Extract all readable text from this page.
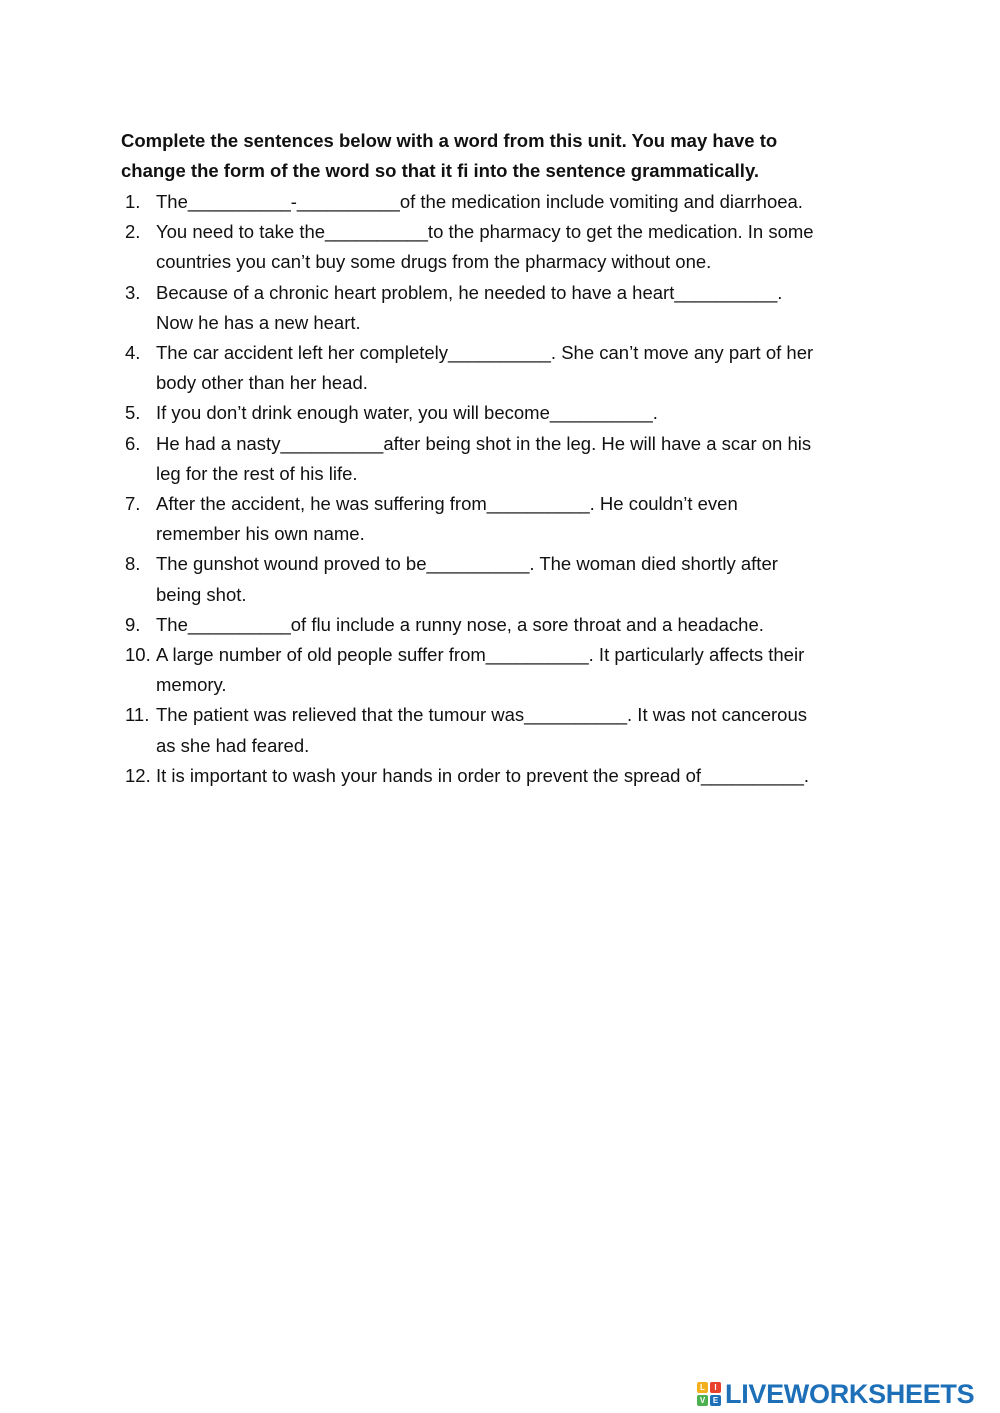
Complete the sentences below with a word from this unit. You may have to
change the form of the word so that it fi into the sentence grammatically.

1. The__________-__________of the medication include vomiting and diarrhoea.
2. You need to take the__________to the pharmacy to get the medication. In some
countries you can’t buy some drugs from the pharmacy without one.
3. Because of a chronic heart problem, he needed to have a heart__________.
Now he has a new heart.
4. The car accident left her completely__________. She can’t move any part of her
body other than her head.
5. If you don’t drink enough water, you will become__________.
6. He had a nasty__________after being shot in the leg. He will have a scar on his
leg for the rest of his life.
7. After the accident, he was suffering from__________. He couldn’t even
remember his own name.
8. The gunshot wound proved to be__________. The woman died shortly after
being shot.
9. The__________of flu include a runny nose, a sore throat and a headache.
10. A large number of old people suffer from__________. It particularly affects their
memory.
11. The patient was relieved that the tumour was__________. It was not cancerous
as she had feared.
12. It is important to wash your hands in order to prevent the spread of__________.
L	I
V E LIVEWORKSHEETS
